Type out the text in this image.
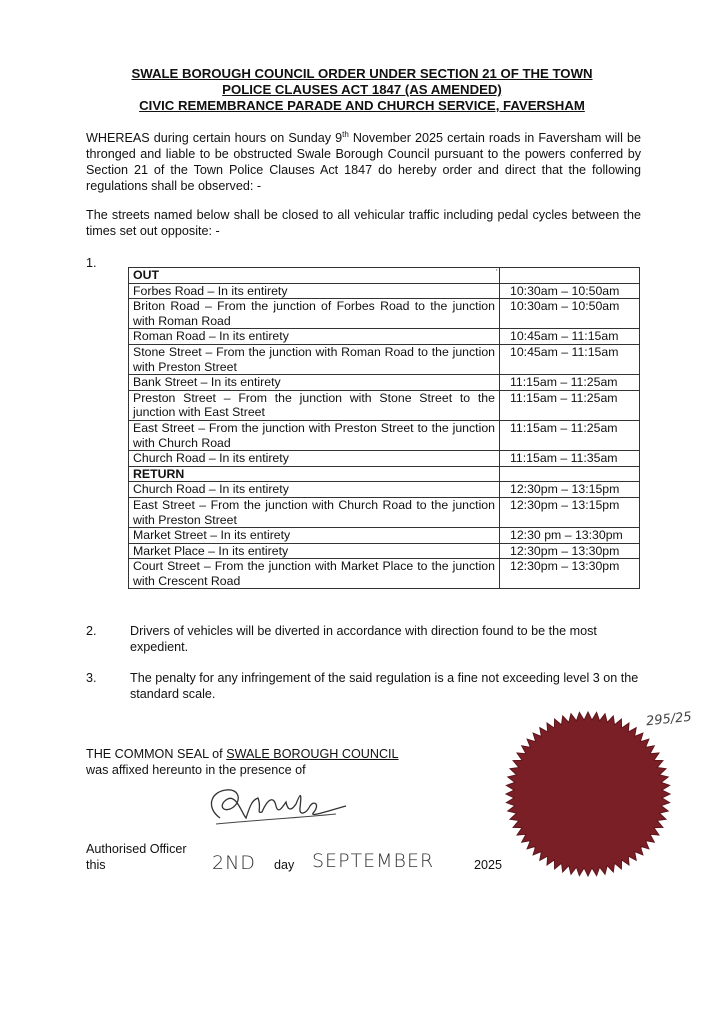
SWALE BOROUGH COUNCIL ORDER UNDER SECTION 21 OF THE TOWN
POLICE CLAUSES ACT 1847 (AS AMENDED)
CIVIC REMEMBRANCE PARADE AND CHURCH SERVICE, FAVERSHAM
WHEREAS during certain hours on Sunday 9th November 2025 certain roads in Faversham will be thronged and liable to be obstructed Swale Borough Council pursuant to the powers conferred by Section 21 of the Town Police Clauses Act 1847 do hereby order and direct that the following regulations shall be observed: -
The streets named below shall be closed to all vehicular traffic including pedal cycles between the times set out opposite: -
1.
'
OUT	
Forbes Road – In its entirety	10:30am – 10:50am
Briton Road – From the junction of Forbes Road to the junction with Roman Road	10:30am – 10:50am
Roman Road – In its entirety	10:45am – 11:15am
Stone Street – From the junction with Roman Road to the junction with Preston Street	10:45am – 11:15am
Bank Street – In its entirety	11:15am – 11:25am
Preston Street – From the junction with Stone Street to the junction with East Street	11:15am – 11:25am
East Street – From the junction with Preston Street to the junction with Church Road	11:15am – 11:25am
Church Road – In its entirety	11:15am – 11:35am
RETURN	
Church Road – In its entirety	12:30pm – 13:15pm
East Street – From the junction with Church Road to the junction with Preston Street	12:30pm – 13:15pm
Market Street – In its entirety	12:30 pm – 13:30pm
Market Place – In its entirety	12:30pm – 13:30pm
Court Street – From the junction with Market Place to the junction with Crescent Road	12:30pm – 13:30pm
2.	Drivers of vehicles will be diverted in accordance with direction found to be the most expedient.
3.	The penalty for any infringement of the said regulation is a fine not exceeding level 3 on the standard scale.
THE COMMON SEAL of SWALE BOROUGH COUNCIL
was affixed hereunto in the presence of
Authorised Officer
this	2ND day SEPTEMBER	2025
295/25
